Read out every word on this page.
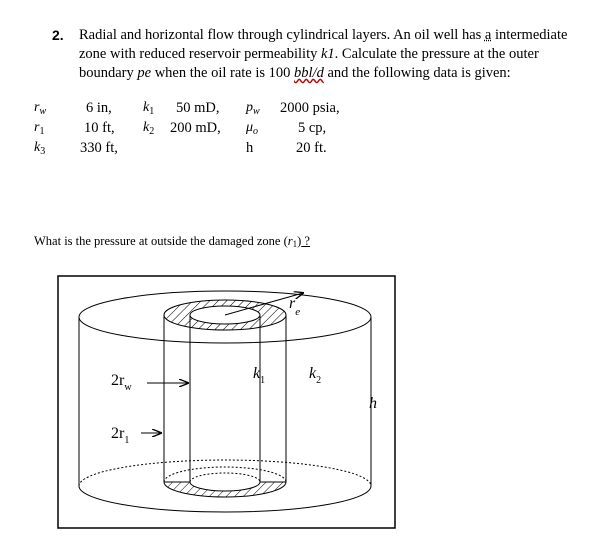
2. Radial and horizontal flow through cylindrical layers. An oil well has a intermediate
zone with reduced reservoir permeability k1. Calculate the pressure at the outer
boundary pe when the oil rate is 100 bbl/d and the following data is given:
$r_w$
$r_1$
$k_3$
6 in,
10 ft,
330 ft,
$k_1$
$k_2$
50 mD,
200 mD,
$p_w$
$\mu_o$
h
2000 psia,
5 cp,
20 ft.
What is the pressure at outside the damaged zone (r1) ?
$r_e$
$k_1$	$k_2$
h
$2r_w$
$2r_1$
